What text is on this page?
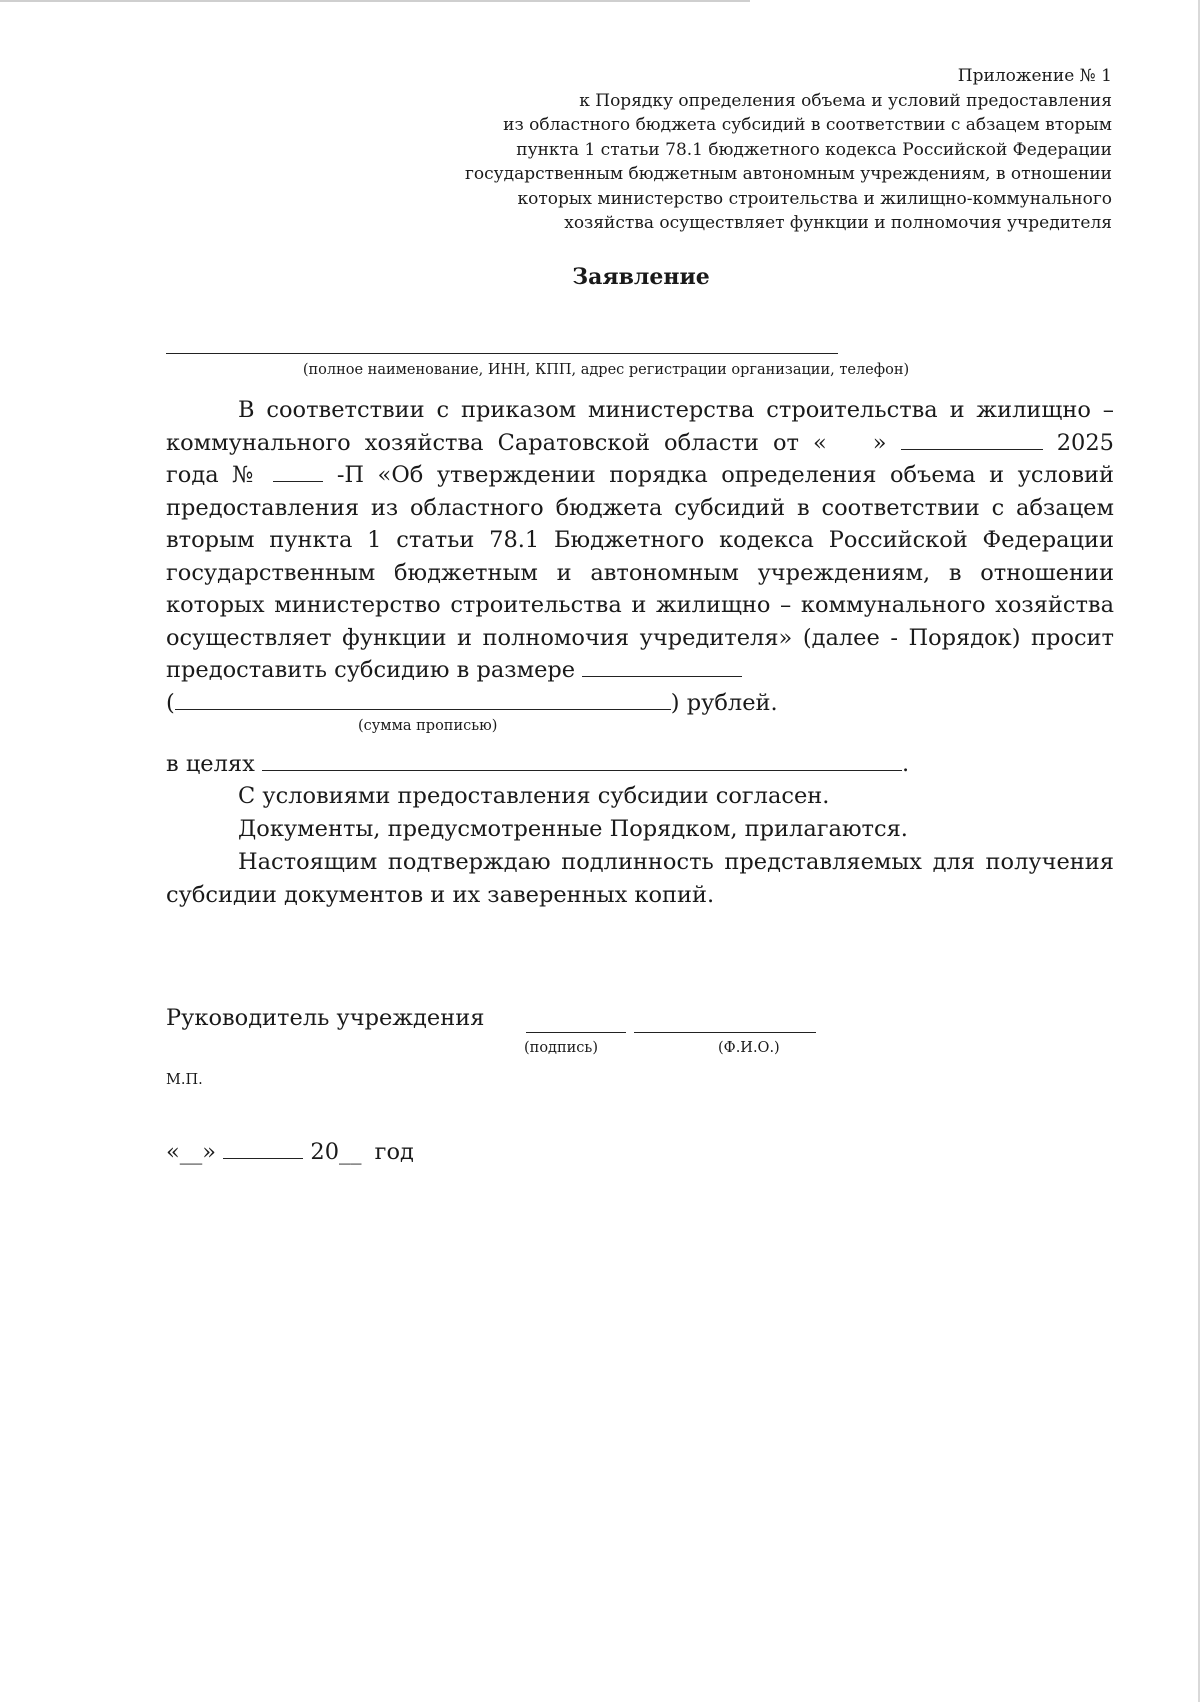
Приложение № 1
к Порядку определения объема и условий предоставления
из областного бюджета субсидий в соответствии с абзацем вторым
пункта 1 статьи 78.1 бюджетного кодекса Российской Федерации
государственным бюджетным автономным учреждениям, в отношении
которых министерство строительства и жилищно-коммунального
хозяйства осуществляет функции и полномочия учредителя
Заявление
(полное наименование, ИНН, КПП, адрес регистрации организации, телефон)

В соответствии с приказом министерства строительства и жилищно – коммунального хозяйства Саратовской области от « »	2025 года №	-П «Об утверждении порядка определения объема и условий предоставления из областного бюджета субсидий в соответствии с абзацем вторым пункта 1 статьи 78.1 Бюджетного кодекса Российской Федерации государственным бюджетным и автономным учреждениям, в отношении которых министерство строительства и жилищно – коммунального хозяйства осуществляет функции и полномочия учредителя» (далее - Порядок) просит предоставить субсидию в размере
(	) рублей.

(сумма прописью)
в целях	.
С условиями предоставления субсидии согласен.
Документы, предусмотренные Порядком, прилагаются.
Настоящим подтверждаю подлинность представляемых для получения субсидии документов и их заверенных копий.
Руководитель учреждения
(подпись)	(Ф.И.О.)
М.П.
«__»	20__ год
